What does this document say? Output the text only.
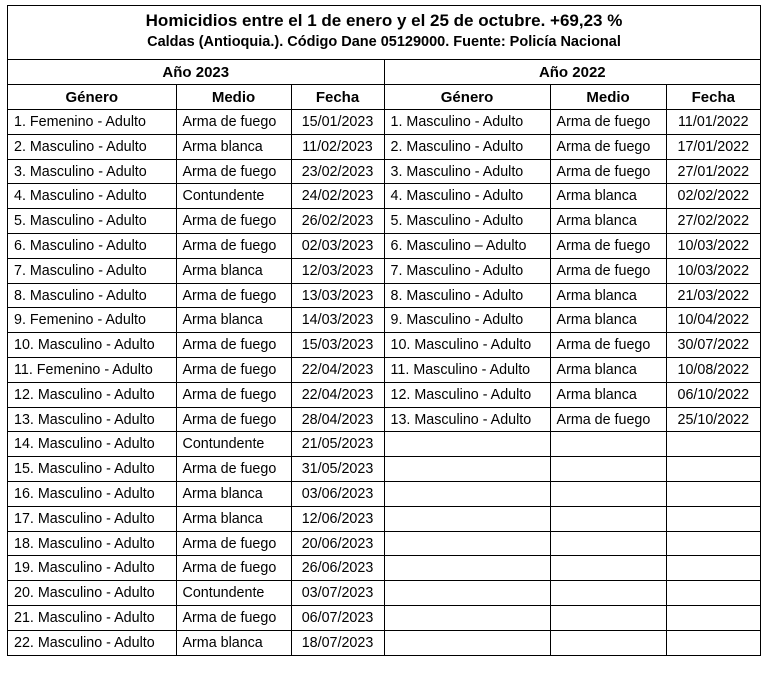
Homicidios entre el 1 de enero y el 25 de octubre. +69,23 %
Caldas (Antioquia.). Código Dane 05129000. Fuente: Policía Nacional
Año 2023			Año 2022		
Género	Medio	Fecha	Género	Medio	Fecha
1. Femenino - Adulto	Arma de fuego	15/01/2023	1. Masculino - Adulto	Arma de fuego	11/01/2022
2. Masculino - Adulto	Arma blanca	11/02/2023	2. Masculino - Adulto	Arma de fuego	17/01/2022
3. Masculino - Adulto	Arma de fuego	23/02/2023	3. Masculino - Adulto	Arma de fuego	27/01/2022
4. Masculino - Adulto	Contundente	24/02/2023	4. Masculino - Adulto	Arma blanca	02/02/2022
5. Masculino - Adulto	Arma de fuego	26/02/2023	5. Masculino - Adulto	Arma blanca	27/02/2022
6. Masculino - Adulto	Arma de fuego	02/03/2023	6. Masculino – Adulto	Arma de fuego	10/03/2022
7. Masculino - Adulto	Arma blanca	12/03/2023	7. Masculino - Adulto	Arma de fuego	10/03/2022
8. Masculino - Adulto	Arma de fuego	13/03/2023	8. Masculino - Adulto	Arma blanca	21/03/2022
9. Femenino - Adulto	Arma blanca	14/03/2023	9. Masculino - Adulto	Arma blanca	10/04/2022
10. Masculino - Adulto	Arma de fuego	15/03/2023	10. Masculino - Adulto	Arma de fuego	30/07/2022
11. Femenino - Adulto	Arma de fuego	22/04/2023	11. Masculino - Adulto	Arma blanca	10/08/2022
12. Masculino - Adulto	Arma de fuego	22/04/2023	12. Masculino - Adulto	Arma blanca	06/10/2022
13. Masculino - Adulto	Arma de fuego	28/04/2023	13. Masculino - Adulto	Arma de fuego	25/10/2022
14. Masculino - Adulto	Contundente	21/05/2023			
15. Masculino - Adulto	Arma de fuego	31/05/2023			
16. Masculino - Adulto	Arma blanca	03/06/2023			
17. Masculino - Adulto	Arma blanca	12/06/2023			
18. Masculino - Adulto	Arma de fuego	20/06/2023			
19. Masculino - Adulto	Arma de fuego	26/06/2023			
20. Masculino - Adulto	Contundente	03/07/2023			
21. Masculino - Adulto	Arma de fuego	06/07/2023			
22. Masculino - Adulto	Arma blanca	18/07/2023			
